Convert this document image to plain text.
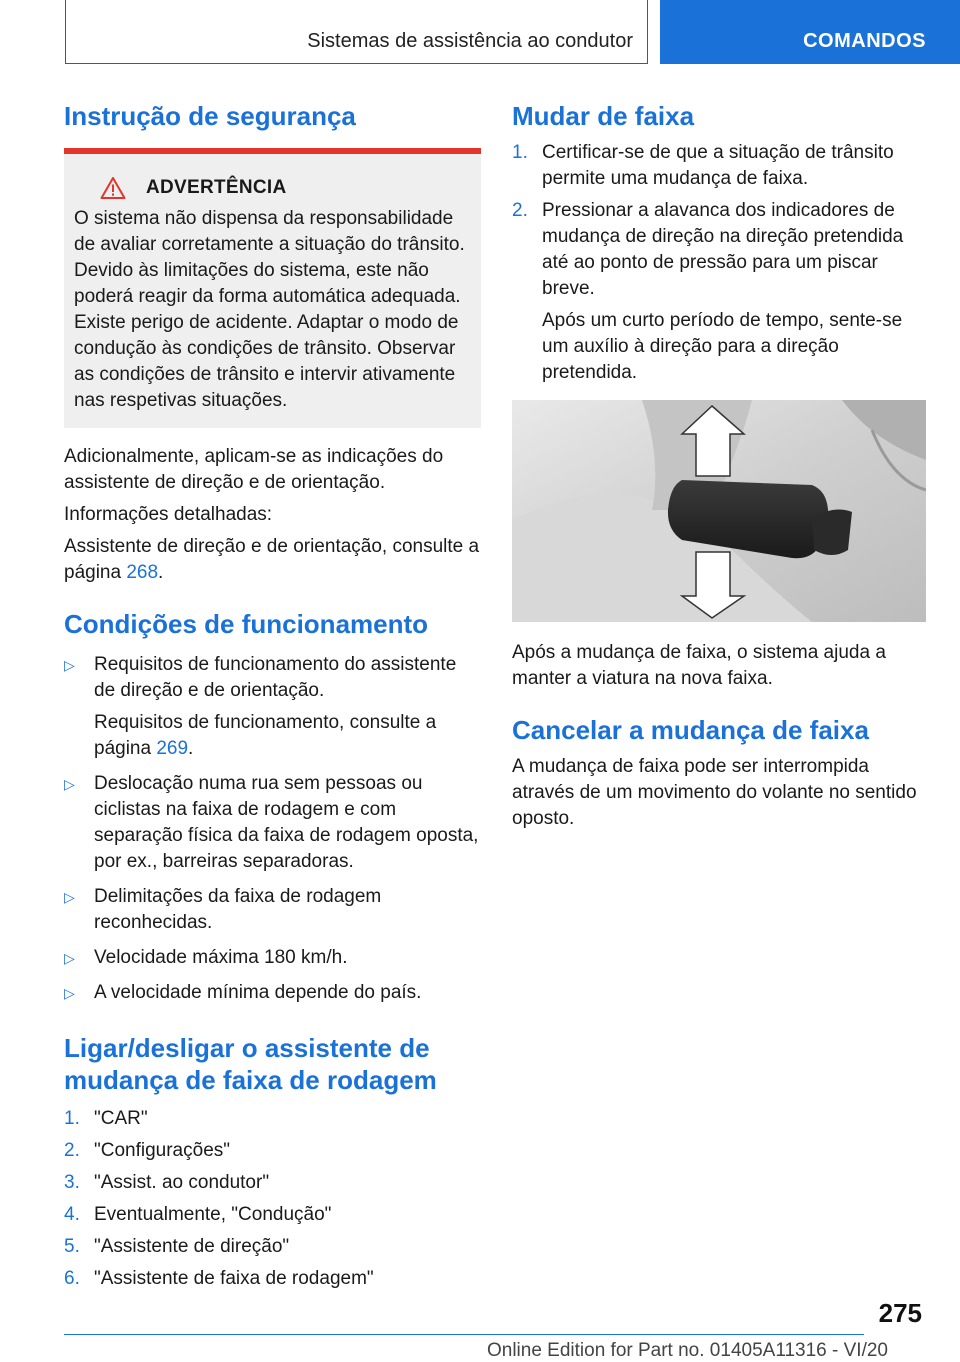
Sistemas de assistência ao condutor	COMANDOS
Instrução de segurança
ADVERTÊNCIA

O sistema não dispensa da responsabilidade de avaliar corretamente a situação do trânsito. Devido às limitações do sistema, este não poderá reagir da forma automática adequada. Existe perigo de acidente. Adaptar o modo de condução às condições de trânsito. Observar as condições de trânsito e intervir ativamente nas respetivas situações.

Adicionalmente, aplicam-se as indicações do assistente de direção e de orientação.

Informações detalhadas:

Assistente de direção e de orientação, consulte a página 268.

Condições de funcionamento
▷ Requisitos de funcionamento do assistente de direção e de orientação.

Requisitos de funcionamento, consulte a página 269.

▷ Deslocação numa rua sem pessoas ou ciclistas na faixa de rodagem e com separação física da faixa de rodagem oposta, por ex., barreiras separadoras.
▷ Delimitações da faixa de rodagem reconhecidas.
▷ Velocidade máxima 180 km/h.
▷ A velocidade mínima depende do país.
Ligar/desligar o assistente de mudança de faixa de rodagem
1. "CAR"
2. "Configurações"
3. "Assist. ao condutor"
4. Eventualmente, "Condução"
5. "Assistente de direção"
6. "Assistente de faixa de rodagem"
Mudar de faixa
1. Certificar-se de que a situação de trânsito permite uma mudança de faixa.
2. Pressionar a alavanca dos indicadores de mudança de direção na direção pretendida até ao ponto de pressão para um piscar breve.

Após um curto período de tempo, sente-se um auxílio à direção para a direção pretendida.

Após a mudança de faixa, o sistema ajuda a manter a viatura na nova faixa.

Cancelar a mudança de faixa

A mudança de faixa pode ser interrompida através de um movimento do volante no sentido oposto.

275
Online Edition for Part no. 01405A11316 - VI/20
